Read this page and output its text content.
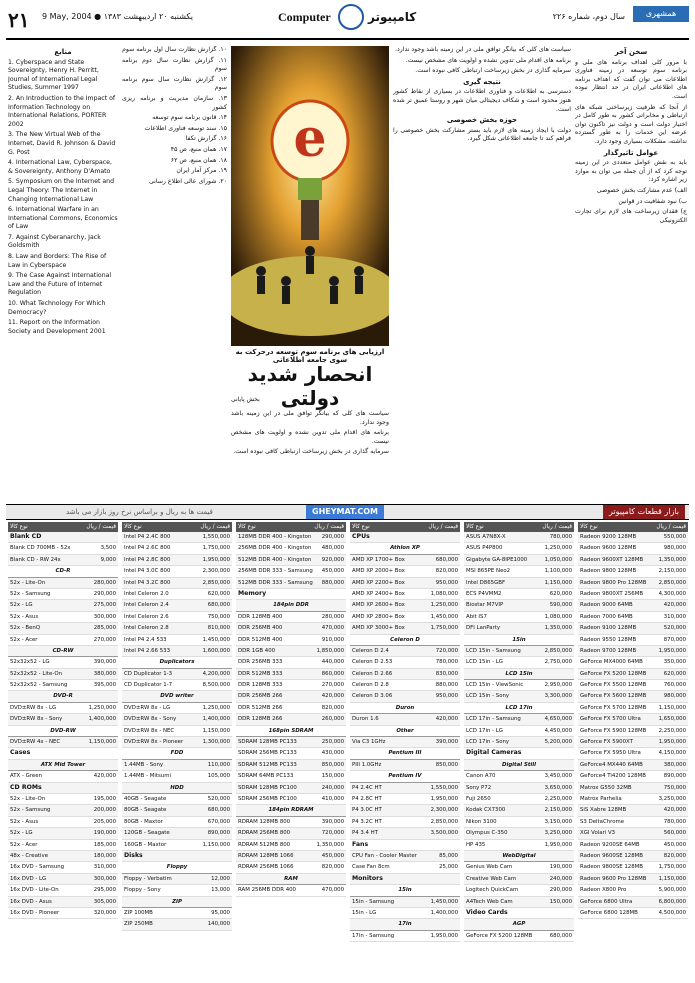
۲۱ 9 May, 2004 ● یکشنبه ۲۰ اردیبهشت ۱۳۸۳	Computer	کامپیوتر	سال دوم، شماره ۲۲۶	همشهری
سخن آخر

با مرور کلی اهداف برنامه های ملی و برنامه سوم توسعه در زمینه فناوری اطلاعات می توان گفت که اهداف برنامه های اطلاعاتی ایران در حد انتظار نبوده است.

از آنجا که ظرفیت زیرساختی شبکه های ارتباطی و مخابراتی کشور به طور کامل در اختیار دولت است و دولت نیز تاکنون توان عرضه این خدمات را به طور گسترده نداشته، مشکلات بسیاری وجود دارد.

عوامل تاثیرگذار

باید به نقش عوامل متعددی در این زمینه توجه کرد که از آن جمله می توان به موارد زیر اشاره کرد:

الف) عدم مشارکت بخش خصوصی

ب) نبود شفافیت در قوانین

ج) فقدان زیرساخت های لازم برای تجارت الکترونیکی

سیاست های کلی که بیانگر توافق ملی در این زمینه باشد وجود ندارد.

برنامه های اقدام ملی تدوین نشده و اولویت های مشخص نیست.

سرمایه گذاری در بخش زیرساخت ارتباطی کافی نبوده است.

نتیجه گیری

دسترسی به اطلاعات و فناوری اطلاعات در بسیاری از نقاط کشور هنوز محدود است و شکاف دیجیتالی میان شهر و روستا عمیق تر شده است.

حوزه بخش خصوصی

دولت با ایجاد زمینه های لازم باید بستر مشارکت بخش خصوصی را فراهم کند تا جامعه اطلاعاتی شکل گیرد.

e
ارزیابی های برنامه سوم توسعه درحرکت به سوی جامعه اطلاعاتی
انحصار شدید دولتی
بخش پایانی

سیاست های کلی که بیانگر توافق ملی در این زمینه باشد وجود ندارد.

برنامه های اقدام ملی تدوین نشده و اولویت های مشخص نیست.

سرمایه گذاری در بخش زیرساخت ارتباطی کافی نبوده است.

۱۰. گزارش نظارت سال اول برنامه سوم

۱۱. گزارش نظارت سال دوم برنامه سوم

۱۲. گزارش نظارت سال سوم برنامه سوم

۱۳. سازمان مدیریت و برنامه ریزی کشور

۱۴. قانون برنامه سوم توسعه

۱۵. سند توسعه فناوری اطلاعات

۱۶. گزارش تکفا

۱۷. همان منبع، ص ۴۵

۱۸. همان منبع، ص ۶۲

۱۹. مرکز آمار ایران

۲۰. شورای عالی اطلاع رسانی

منابع

1. Cyberspace and State Sovereignty, Henry H. Perritt, Journal of International Legal Studies, Summer 1997

2. An Introduction to the Impact of Information Technology on International Relations, PORTER 2002

3. The New Virtual Web of the Internet, David R. Johnson & David G. Post

4. International Law, Cyberspace, & Sovereignty, Anthony D'Amato

5. Symposium on the Internet and Legal Theory: The Internet in Changing International Law

6. International Warfare in an International Commons, Economics of Law

7. Against Cyberanarchy, Jack Goldsmith

8. Law and Borders: The Rise of Law in Cyberspace

9. The Case Against International Law and the Future of Internet Regulation

10. What Technology For Which Democracy?

11. Report on the Information Society and Development 2001

قیمت ها به ریال و براساس نرخ روز بازار می باشد	GHEYMAT.COM	بازار قطعات کامپیوتر
نوع کالا	قیمت / ریال
Blank CD
Blank CD 700MB - 52x	3,500
Blank CD - RW 24x	9,000
CD-R
52x - Lite-On	280,000
52x - Samsung	290,000
52x - LG	275,000
52x - Asus	300,000
52x - BenQ	285,000
52x - Acer	270,000
CD-RW
52x32x52 - LG	390,000
52x32x52 - Lite-On	380,000
52x32x52 - Samsung	395,000
DVD-R
DVD±RW 8x - LG	1,250,000
DVD±RW 8x - Sony	1,400,000
DVD-RW
DVD±RW 4x - NEC	1,150,000
Cases
ATX Mid Tower
ATX - Green	420,000
CD ROMs
52x - Lite-On	195,000
52x - Samsung	200,000
52x - Asus	205,000
52x - LG	190,000
52x - Acer	185,000
48x - Creative	180,000
16x DVD - Samsung	310,000
16x DVD - LG	300,000
16x DVD - Lite-On	295,000
16x DVD - Asus	305,000
16x DVD - Pioneer	320,000
نوع کالا	قیمت / ریال
Intel P4 2.4C 800	1,550,000
Intel P4 2.6C 800	1,750,000
Intel P4 2.8C 800	1,950,000
Intel P4 3.0C 800	2,300,000
Intel P4 3.2C 800	2,850,000
Intel Celeron 2.0	620,000
Intel Celeron 2.4	680,000
Intel Celeron 2.6	750,000
Intel Celeron 2.8	810,000
Intel P4 2.4 533	1,450,000
Intel P4 2.66 533	1,600,000
Duplicators
CD Duplicator 1-3	4,200,000
CD Duplicator 1-7	8,500,000
DVD writer
DVD±RW 8x - LG	1,250,000
DVD±RW 8x - Sony	1,400,000
DVD±RW 8x - NEC	1,150,000
DVD±RW 8x - Pioneer	1,300,000
FDD
1.44MB - Sony	110,000
1.44MB - Mitsumi	105,000
HDD
40GB - Seagate	520,000
80GB - Seagate	680,000
80GB - Maxtor	670,000
120GB - Seagate	890,000
160GB - Maxtor	1,150,000
Disks
Floppy
Floppy - Verbatim	12,000
Floppy - Sony	13,000
ZIP
ZIP 100MB	95,000
ZIP 250MB	140,000
نوع کالا	قیمت / ریال
128MB DDR 400 - Kingston 290,000
256MB DDR 400 - Kingston 480,000
512MB DDR 400 - Kingston 920,000
256MB DDR 333 - Samsung 450,000
512MB DDR 333 - Samsung 880,000
Memory
184pin DDR
DDR 128MB 400	280,000
DDR 256MB 400	470,000
DDR 512MB 400	910,000
DDR 1GB 400	1,850,000
DDR 256MB 333	440,000
DDR 512MB 333	860,000
DDR 128MB 333	270,000
DDR 256MB 266	420,000
DDR 512MB 266	820,000
DDR 128MB 266	260,000
168pin SDRAM
SDRAM 128MB PC133	250,000
SDRAM 256MB PC133	430,000
SDRAM 512MB PC133	850,000
SDRAM 64MB PC133	150,000
SDRAM 128MB PC100	240,000
SDRAM 256MB PC100	410,000
184pin RDRAM
RDRAM 128MB 800	390,000
RDRAM 256MB 800	720,000
RDRAM 512MB 800	1,350,000
RDRAM 128MB 1066	450,000
RDRAM 256MB 1066	820,000
RAM
RAM 256MB DDR 400	470,000
نوع کالا	قیمت / ریال
CPUs
Athlon XP
AMD XP 1700+ Box	680,000
AMD XP 2000+ Box	820,000
AMD XP 2200+ Box	950,000
AMD XP 2400+ Box	1,080,000
AMD XP 2600+ Box	1,250,000
AMD XP 2800+ Box	1,450,000
AMD XP 3000+ Box	1,750,000
Celeron D
Celeron D 2.4	720,000
Celeron D 2.53	780,000
Celeron D 2.66	830,000
Celeron D 2.8	880,000
Celeron D 3.06	950,000
Duron
Duron 1.6	420,000
Other
Via C3 1GHz	390,000
Pentium III
PIII 1.0GHz	850,000
Pentium IV
P4 2.4C HT	1,550,000
P4 2.8C HT	1,950,000
P4 3.0C HT	2,300,000
P4 3.2C HT	2,850,000
P4 3.4 HT	3,500,000
Fans
CPU Fan - Cooler Master	85,000
Case Fan 8cm	25,000
Monitors
15in
15in - Samsung	1,450,000
15in - LG	1,400,000
17in
17in - Samsung	1,950,000
نوع کالا	قیمت / ریال
ASUS A7N8X-X	780,000
ASUS P4P800	1,250,000
Gigabyte GA-8IPE1000	1,050,000
MSI 865PE Neo2	1,100,000
Intel D865GBF	1,150,000
ECS P4VMM2	620,000
Biostar M7VIP	590,000
Abit IS7	1,080,000
DFI LanParty	1,350,000
15in
LCD 15in - Samsung	2,850,000
LCD 15in - LG	2,750,000
LCD 15in
LCD 15in - ViewSonic	2,950,000
LCD 15in - Sony	3,300,000
LCD 17in
LCD 17in - Samsung	4,650,000
LCD 17in - LG	4,450,000
LCD 17in - Sony	5,200,000
Digital Cameras
Digital Still
Canon A70	3,450,000
Sony P72	3,650,000
Fuji 2650	2,250,000
Kodak CX7300	2,150,000
Nikon 3100	3,150,000
Olympus C-350	3,250,000
HP 435	1,950,000
WebDigital
Genius Web Cam	190,000
Creative Web Cam	240,000
Logitech QuickCam	290,000
A4Tech Web Cam	150,000
Video Cards
AGP
GeForce FX 5200 128MB	680,000
نوع کالا	قیمت / ریال
Radeon 9200 128MB	550,000
Radeon 9600 128MB	980,000
Radeon 9600XT 128MB	1,350,000
Radeon 9800 128MB	2,150,000
Radeon 9800 Pro 128MB 2,850,000
Radeon 9800XT 256MB	4,300,000
Radeon 9000 64MB	420,000
Radeon 7000 64MB	310,000
Radeon 9100 128MB	520,000
Radeon 9550 128MB	870,000
Radeon 9700 128MB	1,950,000
GeForce MX4000 64MB	350,000
GeForce FX 5200 128MB	620,000
GeForce FX 5500 128MB	760,000
GeForce FX 5600 128MB	980,000
GeForce FX 5700 128MB 1,150,000
GeForce FX 5700 Ultra	1,650,000
GeForce FX 5900 128MB 2,250,000
GeForce FX 5900XT	1,950,000
GeForce FX 5950 Ultra	4,150,000
GeForce4 MX440 64MB	380,000
GeForce4 Ti4200 128MB	890,000
Matrox G550 32MB	750,000
Matrox Parhelia	3,250,000
SiS Xabre 128MB	420,000
S3 DeltaChrome	780,000
XGI Volari V3	560,000
Radeon 9200SE 64MB	450,000
Radeon 9600SE 128MB	820,000
Radeon 9800SE 128MB	1,750,000
Radeon 9600 Pro 128MB 1,150,000
Radeon X800 Pro	5,900,000
GeForce 6800 Ultra	6,800,000
GeForce 6800 128MB	4,500,000
